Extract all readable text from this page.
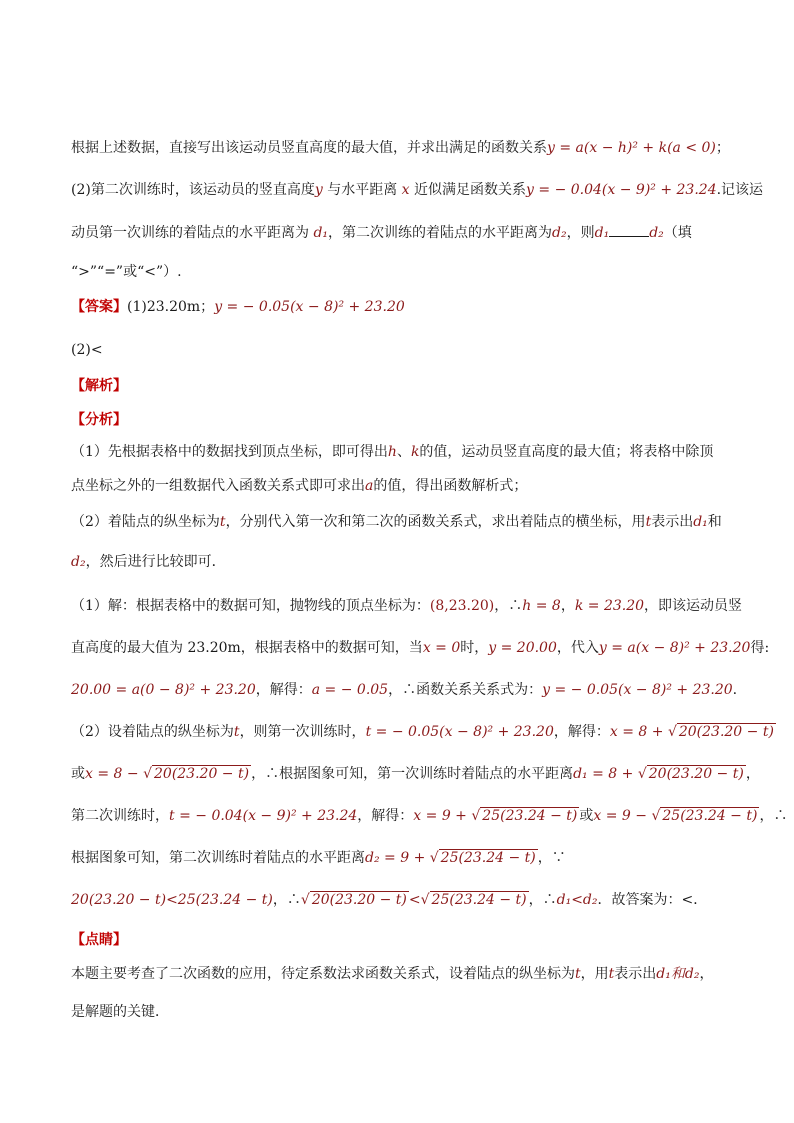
根据上述数据，直接写出该运动员竖直高度的最大值，并求出满足的函数关系y = a(x − h)² + k(a < 0)；
(2)第二次训练时，该运动员的竖直高度y 与水平距离 x 近似满足函数关系y = − 0.04(x − 9)² + 23.24.记该运
动员第一次训练的着陆点的水平距离为 d₁，第二次训练的着陆点的水平距离为d₂，则d₁	d₂（填
“>”“=”或“<”）.
【答案】(1)23.20m；y = − 0.05(x − 8)² + 23.20
(2)<
【解析】
【分析】
（1）先根据表格中的数据找到顶点坐标，即可得出h、k的值，运动员竖直高度的最大值；将表格中除顶
点坐标之外的一组数据代入函数关系式即可求出a的值，得出函数解析式；
（2）着陆点的纵坐标为t，分别代入第一次和第二次的函数关系式，求出着陆点的横坐标，用t表示出d₁和
d₂，然后进行比较即可．
（1）解：根据表格中的数据可知，抛物线的顶点坐标为：(8,23.20)，∴h = 8，k = 23.20，即该运动员竖
直高度的最大值为 23.20m，根据表格中的数据可知，当x = 0时，y = 20.00，代入y = a(x − 8)² + 23.20得:
20.00 = a(0 − 8)² + 23.20，解得：a = − 0.05，∴函数关系关系式为：y = − 0.05(x − 8)² + 23.20.
（2）设着陆点的纵坐标为t，则第一次训练时，t = − 0.05(x − 8)² + 23.20，解得：x = 8 + √ 20(23.20 − t)
或x = 8 − √ 20(23.20 − t) ，∴根据图象可知，第一次训练时着陆点的水平距离d₁ = 8 + √ 20(23.20 − t) ，
第二次训练时，t = − 0.04(x − 9)² + 23.24，解得：x = 9 + √ 25(23.24 − t) 或x = 9 − √ 25(23.24 − t) ，∴
根据图象可知，第二次训练时着陆点的水平距离d₂ = 9 + √ 25(23.24 − t) ，∵
20(23.20 − t)<25(23.24 − t)，∴√ 20(23.20 − t) <√ 25(23.24 − t) ，∴d₁<d₂．故答案为：<．
【点睛】
本题主要考查了二次函数的应用，待定系数法求函数关系式，设着陆点的纵坐标为t，用t表示出d₁和d₂，
是解题的关键．
